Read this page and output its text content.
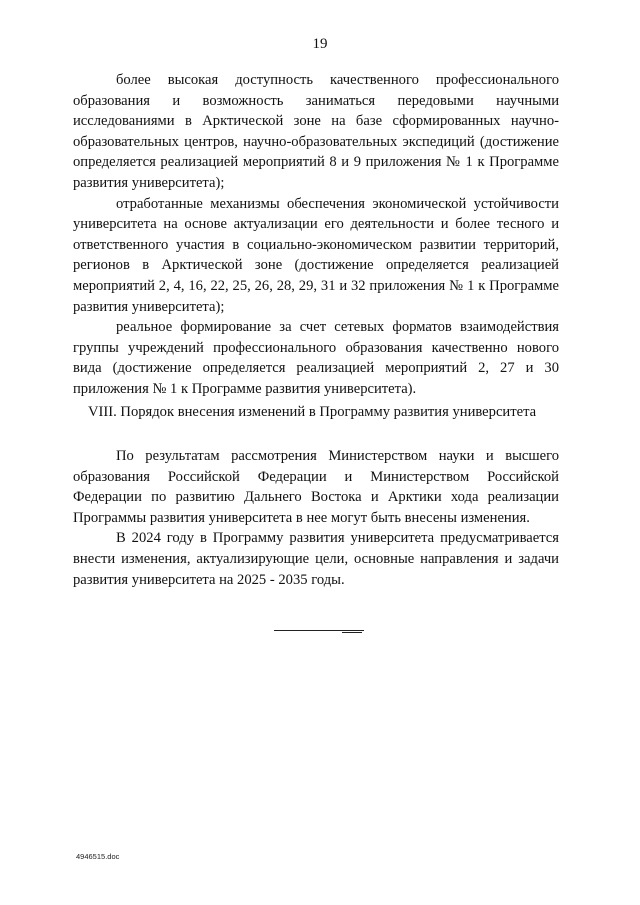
19

более высокая доступность качественного профессионального образования и возможность заниматься передовыми научными исследованиями в Арктической зоне на базе сформированных научно-образовательных центров, научно-образовательных экспедиций (достижение определяется реализацией мероприятий 8 и 9 приложения № 1 к Программе развития университета);

отработанные механизмы обеспечения экономической устойчивости университета на основе актуализации его деятельности и более тесного и ответственного участия в социально-экономическом развитии территорий, регионов в Арктической зоне (достижение определяется реализацией мероприятий 2, 4, 16, 22, 25, 26, 28, 29, 31 и 32 приложения № 1 к Программе развития университета);

реальное формирование за счет сетевых форматов взаимодействия группы учреждений профессионального образования качественно нового вида (достижение определяется реализацией мероприятий 2, 27 и 30 приложения № 1 к Программе развития университета).

VIII. Порядок внесения изменений в Программу развития университета

По результатам рассмотрения Министерством науки и высшего образования Российской Федерации и Министерством Российской Федерации по развитию Дальнего Востока и Арктики хода реализации Программы развития университета в нее могут быть внесены изменения.

В 2024 году в Программу развития университета предусматривается внести изменения, актуализирующие цели, основные направления и задачи развития университета на 2025 - 2035 годы.

4946515.doc
